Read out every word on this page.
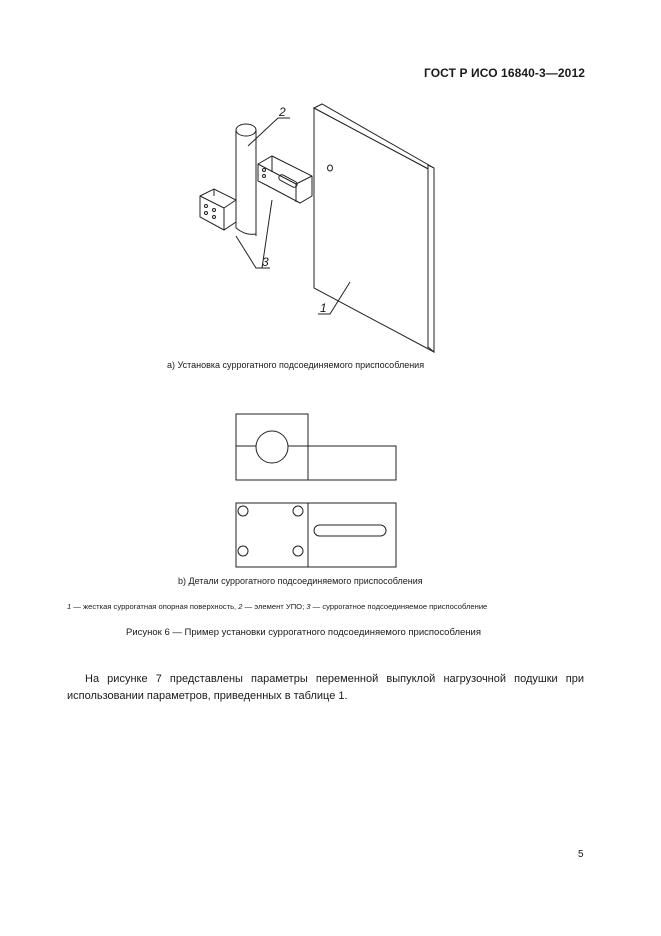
ГОСТ Р ИСО 16840-3—2012
2
3
1
а) Установка суррогатного подсоединяемого приспособления
b) Детали суррогатного подсоединяемого приспособления
1 — жесткая суррогатная опорная поверхность, 2 — элемент УПО; 3 — суррогатное подсоединяемое приспособление
Рисунок 6 — Пример установки суррогатного подсоединяемого приспособления
На рисунке 7 представлены параметры переменной выпуклой нагрузочной подушки при использовании параметров, приведенных в таблице 1.
5
